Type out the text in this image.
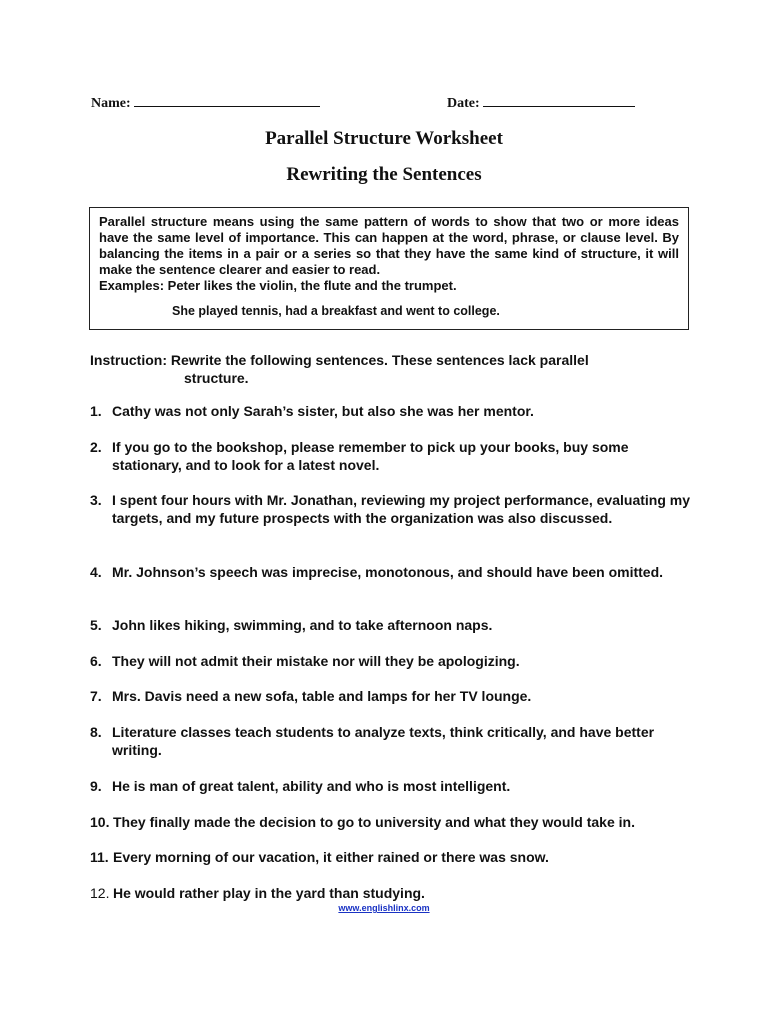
Name:	Date:
Parallel Structure Worksheet
Rewriting the Sentences
Parallel structure means using the same pattern of words to show that two or more ideas have the same level of importance. This can happen at the word, phrase, or clause level. By balancing the items in a pair or a series so that they have the same kind of structure, it will make the sentence clearer and easier to read.
Examples: Peter likes the violin, the flute and the trumpet.
She played tennis, had a breakfast and went to college.
Instruction: Rewrite the following sentences. These sentences lack parallel
structure.
1. Cathy was not only Sarah’s sister, but also she was her mentor.
2. If you go to the bookshop, please remember to pick up your books, buy some stationary, and to look for a latest novel.
3. I spent four hours with Mr. Jonathan, reviewing my project performance, evaluating my targets, and my future prospects with the organization was also discussed.
4. Mr. Johnson’s speech was imprecise, monotonous, and should have been omitted.
5. John likes hiking, swimming, and to take afternoon naps.
6. They will not admit their mistake nor will they be apologizing.
7. Mrs. Davis need a new sofa, table and lamps for her TV lounge.
8. Literature classes teach students to analyze texts, think critically, and have better writing.
9. He is man of great talent, ability and who is most intelligent.
10. They finally made the decision to go to university and what they would take in.
11. Every morning of our vacation, it either rained or there was snow.
12. He would rather play in the yard than studying.
www.englishlinx.com
